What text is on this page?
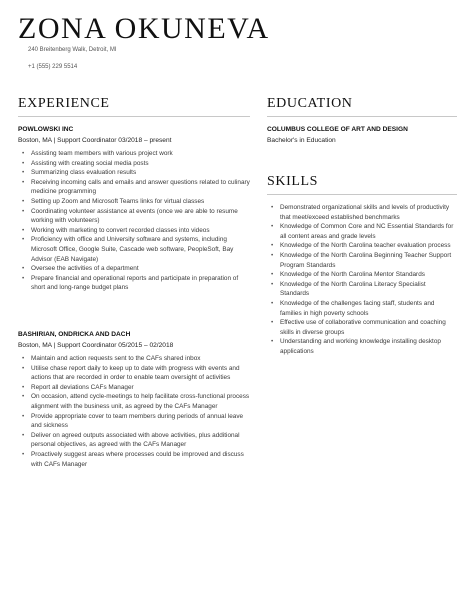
ZONA OKUNEVA
240 Breitenberg Walk, Detroit, MI
+1 (555) 229 5514
EXPERIENCE
POWLOWSKI INC
Boston, MA | Support Coordinator 03/2018 – present
• Assisting team members with various project work
• Assisting with creating social media posts
• Summarizing class evaluation results
• Receiving incoming calls and emails and answer questions related to culinary medicine programming
• Setting up Zoom and Microsoft Teams links for virtual classes
• Coordinating volunteer assistance at events (once we are able to resume working with volunteers)
• Working with marketing to convert recorded classes into videos
• Proficiency with office and University software and systems, including Microsoft Office, Google Suite, Cascade web software, PeopleSoft, Bay Advisor (EAB Navigate)
• Oversee the activities of a department
• Prepare financial and operational reports and participate in preparation of short and long-range budget plans
BASHIRIAN, ONDRICKA AND DACH
Boston, MA | Support Coordinator 05/2015 – 02/2018
• Maintain and action requests sent to the CAFs shared inbox
• Utilise chase report daily to keep up to date with progress with events and actions that are recorded in order to enable team oversight of activities
• Report all deviations CAFs Manager
• On occasion, attend cycle-meetings to help facilitate cross-functional process alignment with the business unit, as agreed by the CAFs Manager
• Provide appropriate cover to team members during periods of annual leave and sickness
• Deliver on agreed outputs associated with above activities, plus additional personal objectives, as agreed with the CAFs Manager
• Proactively suggest areas where processes could be improved and discuss with CAFs Manager
EDUCATION
COLUMBUS COLLEGE OF ART AND DESIGN
Bachelor's in Education
SKILLS
• Demonstrated organizational skills and levels of productivity that meet/exceed established benchmarks
• Knowledge of Common Core and NC Essential Standards for all content areas and grade levels
• Knowledge of the North Carolina teacher evaluation process
• Knowledge of the North Carolina Beginning Teacher Support Program Standards
• Knowledge of the North Carolina Mentor Standards
• Knowledge of the North Carolina Literacy Specialist Standards
• Knowledge of the challenges facing staff, students and families in high poverty schools
• Effective use of collaborative communication and coaching skills in diverse groups
• Understanding and working knowledge installing desktop applications
